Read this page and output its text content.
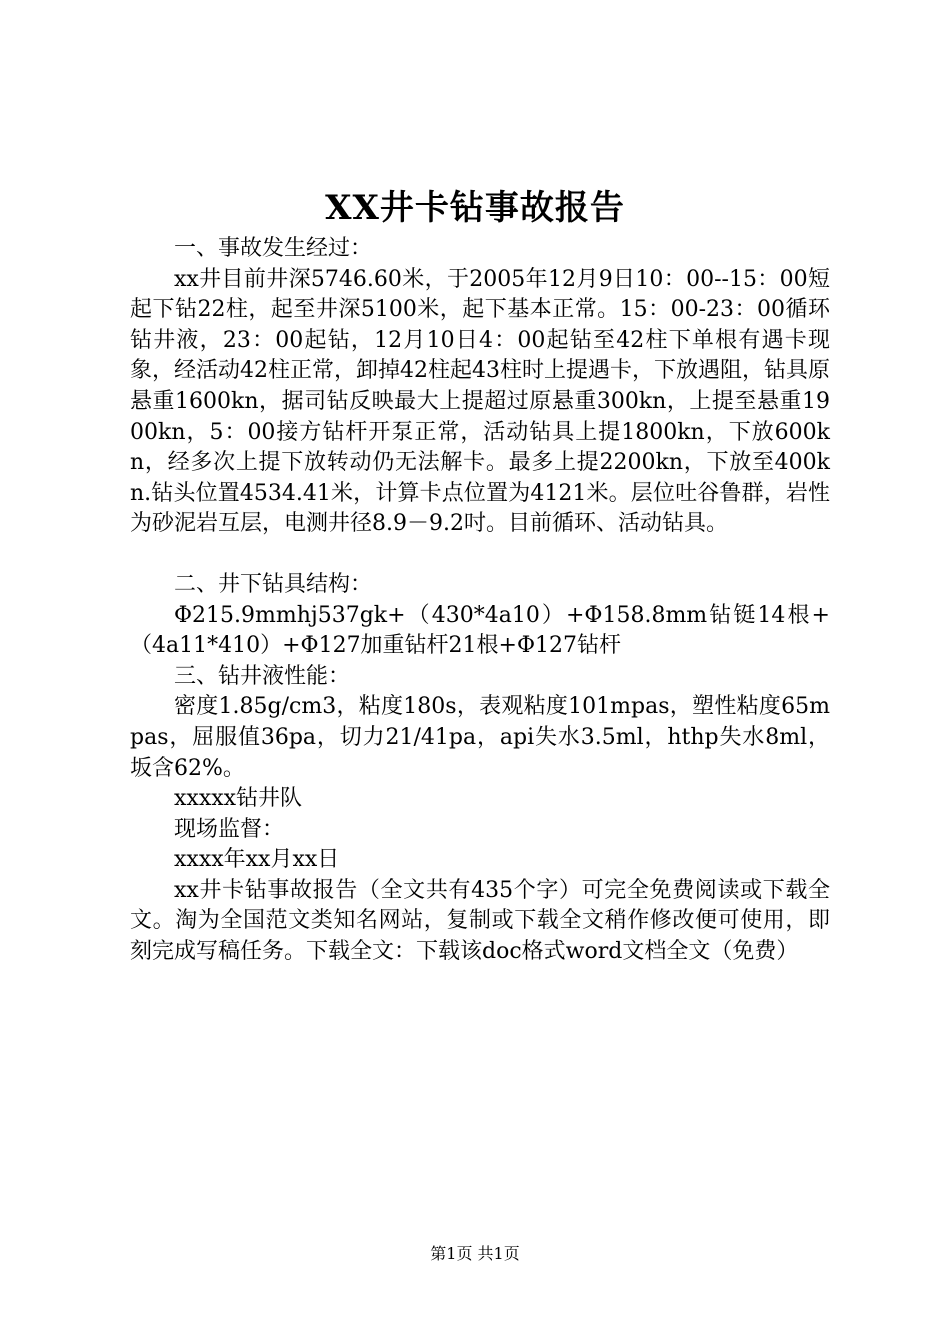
XX井卡钻事故报告

一、事故发生经过：

xx井目前井深5746.60米，于2005年12月9日10：00--15：00短起下钻22柱，起至井深5100米，起下基本正常。15：00-23：00循环钻井液，23：00起钻，12月10日4：00起钻至42柱下单根有遇卡现象，经活动42柱正常，卸掉42柱起43柱时上提遇卡，下放遇阻，钻具原悬重1600kn，据司钻反映最大上提超过原悬重300kn，上提至悬重1900kn，5：00接方钻杆开泵正常，活动钻具上提1800kn，下放600kn，经多次上提下放转动仍无法解卡。最多上提2200kn，下放至400kn.钻头位置4534.41米，计算卡点位置为4121米。层位吐谷鲁群，岩性为砂泥岩互层，电测井径8.9－9.2吋。目前循环、活动钻具。

二、井下钻具结构：

Φ215.9mmhj537gk+（430*4a10）+Φ158.8mm钻铤14根+（4a11*410）+Φ127加重钻杆21根+Φ127钻杆

三、钻井液性能：

密度1.85g/cm3，粘度180s，表观粘度101mpas，塑性粘度65mpas，屈服值36pa，切力21/41pa，api失水3.5ml，hthp失水8ml，坂含62%。

xxxxx钻井队

现场监督：

xxxx年xx月xx日

xx井卡钻事故报告（全文共有435个字）可完全免费阅读或下载全文。淘为全国范文类知名网站，复制或下载全文稍作修改便可使用，即刻完成写稿任务。下载全文：下载该doc格式word文档全文（免费）

第1页 共1页
